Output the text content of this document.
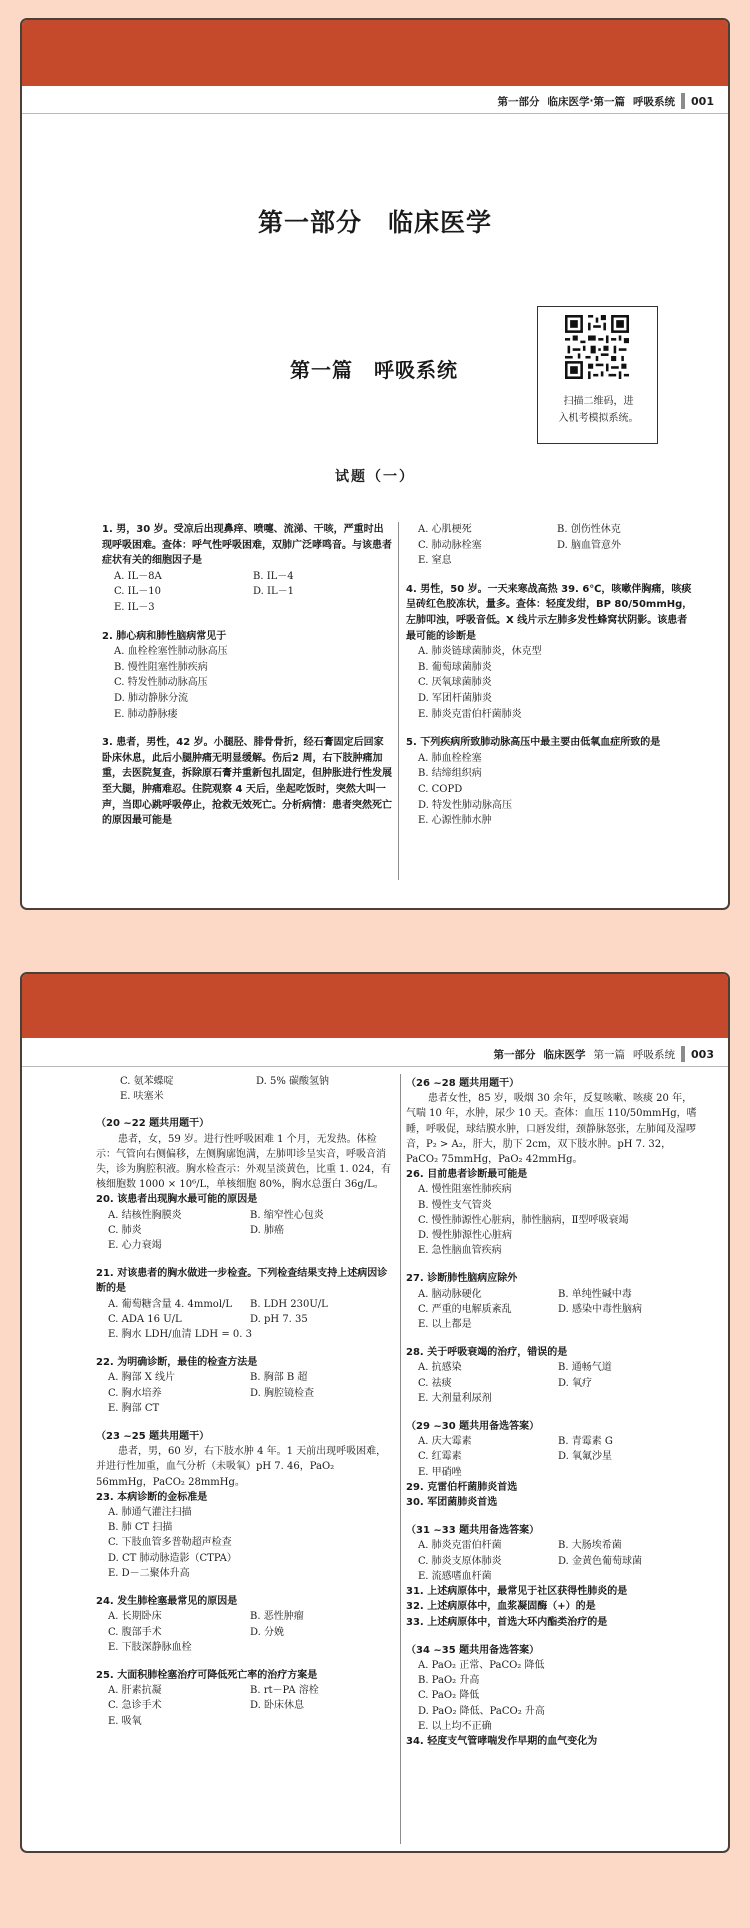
第一部分 临床医学 · 第一篇 呼吸系统 001
第一部分　临床医学
第一篇　呼吸系统
扫描二维码，进
入机考模拟系统。
试题（一）
1. 男，30 岁。受凉后出现鼻痒、喷嚏、流涕、干咳，严重时出现呼吸困难。查体：呼气性呼吸困难，双肺广泛哮鸣音。与该患者症状有关的细胞因子是
A. IL－8A	B. IL－4
C. IL－10	D. IL－1
E. IL－3
2. 肺心病和肺性脑病常见于
A. 血栓栓塞性肺动脉高压
B. 慢性阻塞性肺疾病
C. 特发性肺动脉高压
D. 肺动静脉分流
E. 肺动静脉瘘
3. 患者，男性，42 岁。小腿胫、腓骨骨折，经石膏固定后回家卧床休息，此后小腿肿痛无明显缓解。伤后2 周，右下肢肿痛加重，去医院复查，拆除原石膏并重新包扎固定，但肿胀进行性发展至大腿，肿痛难忍。住院观察 4 天后，坐起吃饭时，突然大叫一声，当即心跳呼吸停止，抢救无效死亡。分析病情：患者突然死亡的原因最可能是
A. 心肌梗死	B. 创伤性休克
C. 肺动脉栓塞	D. 脑血管意外
E. 窒息
4. 男性，50 岁。一天来寒战高热 39. 6℃，咳嗽伴胸痛，咳痰呈砖红色胶冻状，量多。查体：轻度发绀，BP 80/50mmHg，左肺叩浊，呼吸音低。X 线片示左肺多发性蜂窝状阴影。该患者最可能的诊断是
A. 肺炎链球菌肺炎，休克型
B. 葡萄球菌肺炎
C. 厌氧球菌肺炎
D. 军团杆菌肺炎
E. 肺炎克雷伯杆菌肺炎
5. 下列疾病所致肺动脉高压中最主要由低氧血症所致的是
A. 肺血栓栓塞
B. 结缔组织病
C. COPD
D. 特发性肺动脉高压
E. 心源性肺水肿
第一部分 临床医学 第一篇 呼吸系统 003
C. 氨苯蝶啶	D. 5% 碳酸氢钠
E. 呋塞米
（20 ~22 题共用题干）
患者，女，59 岁。进行性呼吸困难 1 个月，无发热。体检示：气管向右侧偏移，左侧胸廓饱满，左肺叩诊呈实音，呼吸音消失，诊为胸腔积液。胸水检查示：外观呈淡黄色，比重 1. 024，有核细胞数 1000 × 10⁶/L，单核细胞 80%，胸水总蛋白 36g/L。
20. 该患者出现胸水最可能的原因是
A. 结核性胸膜炎	B. 缩窄性心包炎
C. 肺炎	D. 肺癌
E. 心力衰竭
21. 对该患者的胸水做进一步检查。下列检查结果支持上述病因诊断的是
A. 葡萄糖含量 4. 4mmol/L	B. LDH 230U/L
C. ADA 16 U/L	D. pH 7. 35
E. 胸水 LDH/血清 LDH = 0. 3
22. 为明确诊断，最佳的检查方法是
A. 胸部 X 线片	B. 胸部 B 超
C. 胸水培养	D. 胸腔镜检查
E. 胸部 CT
（23 ~25 题共用题干）
患者，男，60 岁，右下肢水肿 4 年。1 天前出现呼吸困难，并进行性加重，血气分析（未吸氧）pH 7. 46，PaO₂ 56mmHg，PaCO₂ 28mmHg。
23. 本病诊断的金标准是
A. 肺通气灌注扫描
B. 肺 CT 扫描
C. 下肢血管多普勒超声检查
D. CT 肺动脉造影（CTPA）
E. D－二聚体升高
24. 发生肺栓塞最常见的原因是
A. 长期卧床	B. 恶性肿瘤
C. 腹部手术	D. 分娩
E. 下肢深静脉血栓
25. 大面积肺栓塞治疗可降低死亡率的治疗方案是
A. 肝素抗凝	B. rt－PA 溶栓
C. 急诊手术	D. 卧床休息
E. 吸氧
（26 ~28 题共用题干）
患者女性，85 岁，吸烟 30 余年，反复咳嗽、咳痰 20 年，气喘 10 年，水肿，尿少 10 天。查体：血压 110/50mmHg，嗜睡，呼吸促，球结膜水肿，口唇发绀，颈静脉怒张，左肺闻及湿啰音，P₂ > A₂，肝大，肋下 2cm，双下肢水肿。pH 7. 32，PaCO₂ 75mmHg，PaO₂ 42mmHg。
26. 目前患者诊断最可能是
A. 慢性阻塞性肺疾病
B. 慢性支气管炎
C. 慢性肺源性心脏病，肺性脑病，Ⅱ型呼吸衰竭
D. 慢性肺源性心脏病
E. 急性脑血管疾病
27. 诊断肺性脑病应除外
A. 脑动脉硬化	B. 单纯性碱中毒
C. 严重的电解质紊乱	D. 感染中毒性脑病
E. 以上都是
28. 关于呼吸衰竭的治疗，错误的是
A. 抗感染	B. 通畅气道
C. 祛痰	D. 氧疗
E. 大剂量利尿剂
（29 ~30 题共用备选答案）
A. 庆大霉素	B. 青霉素 G
C. 红霉素	D. 氧氟沙星
E. 甲硝唑
29. 克雷伯杆菌肺炎首选
30. 军团菌肺炎首选
（31 ~33 题共用备选答案）
A. 肺炎克雷伯杆菌	B. 大肠埃希菌
C. 肺炎支原体肺炎	D. 金黄色葡萄球菌
E. 流感嗜血杆菌
31. 上述病原体中，最常见于社区获得性肺炎的是
32. 上述病原体中，血浆凝固酶（+）的是
33. 上述病原体中，首选大环内酯类治疗的是
（34 ~35 题共用备选答案）
A. PaO₂ 正常、PaCO₂ 降低
B. PaO₂ 升高
C. PaO₂ 降低
D. PaO₂ 降低、PaCO₂ 升高
E. 以上均不正确
34. 轻度支气管哮喘发作早期的血气变化为
